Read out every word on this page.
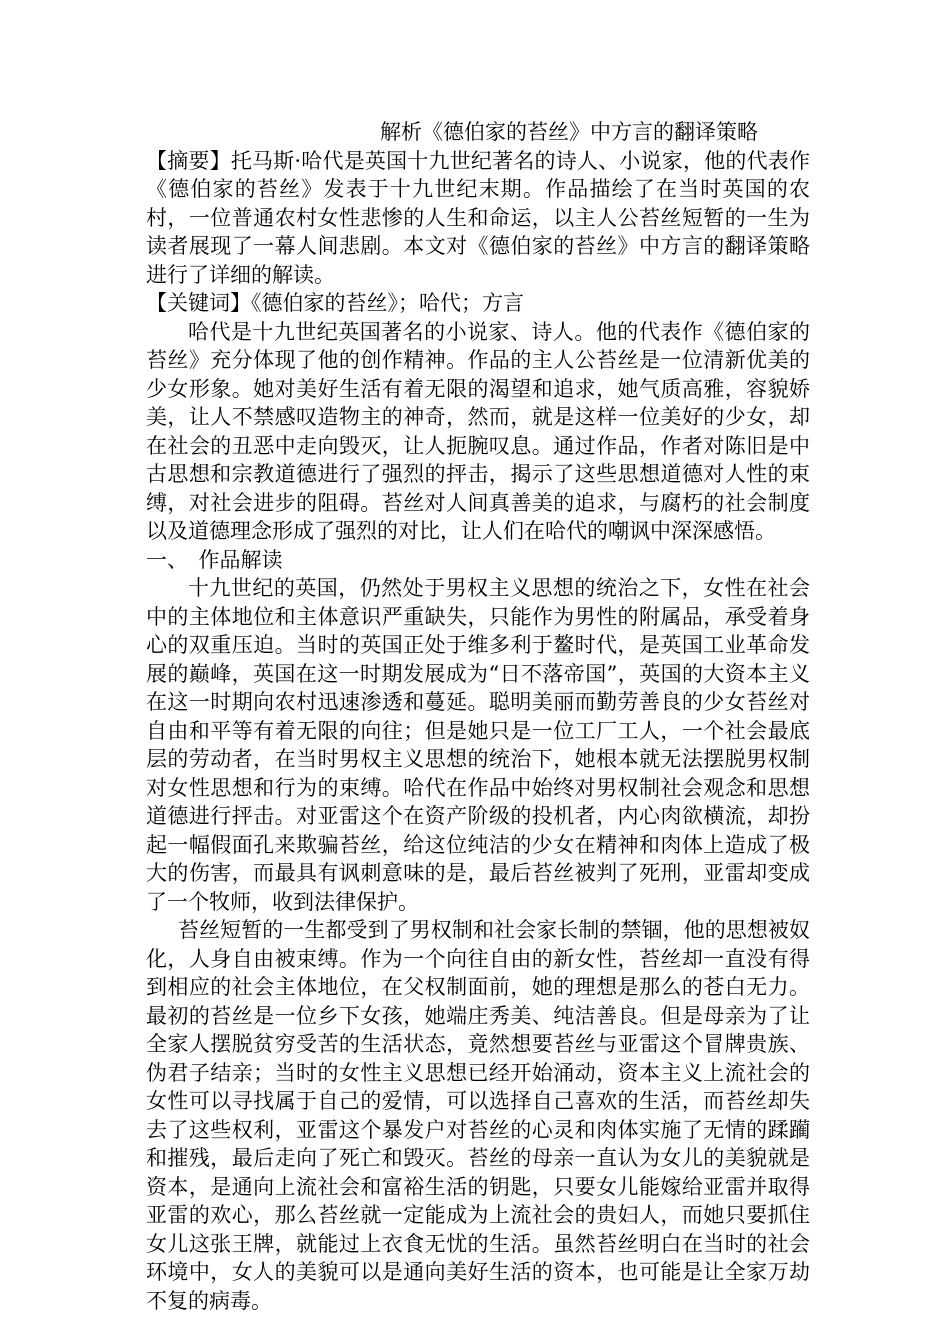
解析《德伯家的苔丝》中方言的翻译策略

【摘要】托马斯·哈代是英国十九世纪著名的诗人、小说家，他的代表作《德伯家的苔丝》发表于十九世纪末期。作品描绘了在当时英国的农村，一位普通农村女性悲惨的人生和命运，以主人公苔丝短暂的一生为读者展现了一幕人间悲剧。本文对《德伯家的苔丝》中方言的翻译策略进行了详细的解读。

【关键词】《德伯家的苔丝》；哈代；方言

哈代是十九世纪英国著名的小说家、诗人。他的代表作《德伯家的苔丝》充分体现了他的创作精神。作品的主人公苔丝是一位清新优美的少女形象。她对美好生活有着无限的渴望和追求，她气质高雅，容貌娇美，让人不禁感叹造物主的神奇，然而，就是这样一位美好的少女，却在社会的丑恶中走向毁灭，让人扼腕叹息。通过作品，作者对陈旧是中古思想和宗教道德进行了强烈的抨击，揭示了这些思想道德对人性的束缚，对社会进步的阻碍。苔丝对人间真善美的追求，与腐朽的社会制度以及道德理念形成了强烈的对比，让人们在哈代的嘲讽中深深感悟。

一、　作品解读

十九世纪的英国，仍然处于男权主义思想的统治之下，女性在社会中的主体地位和主体意识严重缺失，只能作为男性的附属品，承受着身心的双重压迫。当时的英国正处于维多利于鳌时代，是英国工业革命发展的巅峰，英国在这一时期发展成为“日不落帝国”，英国的大资本主义在这一时期向农村迅速渗透和蔓延。聪明美丽而勤劳善良的少女苔丝对自由和平等有着无限的向往；但是她只是一位工厂工人，一个社会最底层的劳动者，在当时男权主义思想的统治下，她根本就无法摆脱男权制对女性思想和行为的束缚。哈代在作品中始终对男权制社会观念和思想道德进行抨击。对亚雷这个在资产阶级的投机者，内心肉欲横流，却扮起一幅假面孔来欺骗苔丝，给这位纯洁的少女在精神和肉体上造成了极大的伤害，而最具有讽刺意味的是，最后苔丝被判了死刑，亚雷却变成了一个牧师，收到法律保护。

苔丝短暂的一生都受到了男权制和社会家长制的禁锢，他的思想被奴化，人身自由被束缚。作为一个向往自由的新女性，苔丝却一直没有得到相应的社会主体地位，在父权制面前，她的理想是那么的苍白无力。最初的苔丝是一位乡下女孩，她端庄秀美、纯洁善良。但是母亲为了让全家人摆脱贫穷受苦的生活状态，竟然想要苔丝与亚雷这个冒牌贵族、伪君子结亲；当时的女性主义思想已经开始涌动，资本主义上流社会的女性可以寻找属于自己的爱情，可以选择自己喜欢的生活，而苔丝却失去了这些权利，亚雷这个暴发户对苔丝的心灵和肉体实施了无情的蹂躏和摧残，最后走向了死亡和毁灭。苔丝的母亲一直认为女儿的美貌就是资本，是通向上流社会和富裕生活的钥匙，只要女儿能嫁给亚雷并取得亚雷的欢心，那么苔丝就一定能成为上流社会的贵妇人，而她只要抓住女儿这张王牌，就能过上衣食无忧的生活。虽然苔丝明白在当时的社会环境中，女人的美貌可以是通向美好生活的资本，也可能是让全家万劫不复的病毒。
